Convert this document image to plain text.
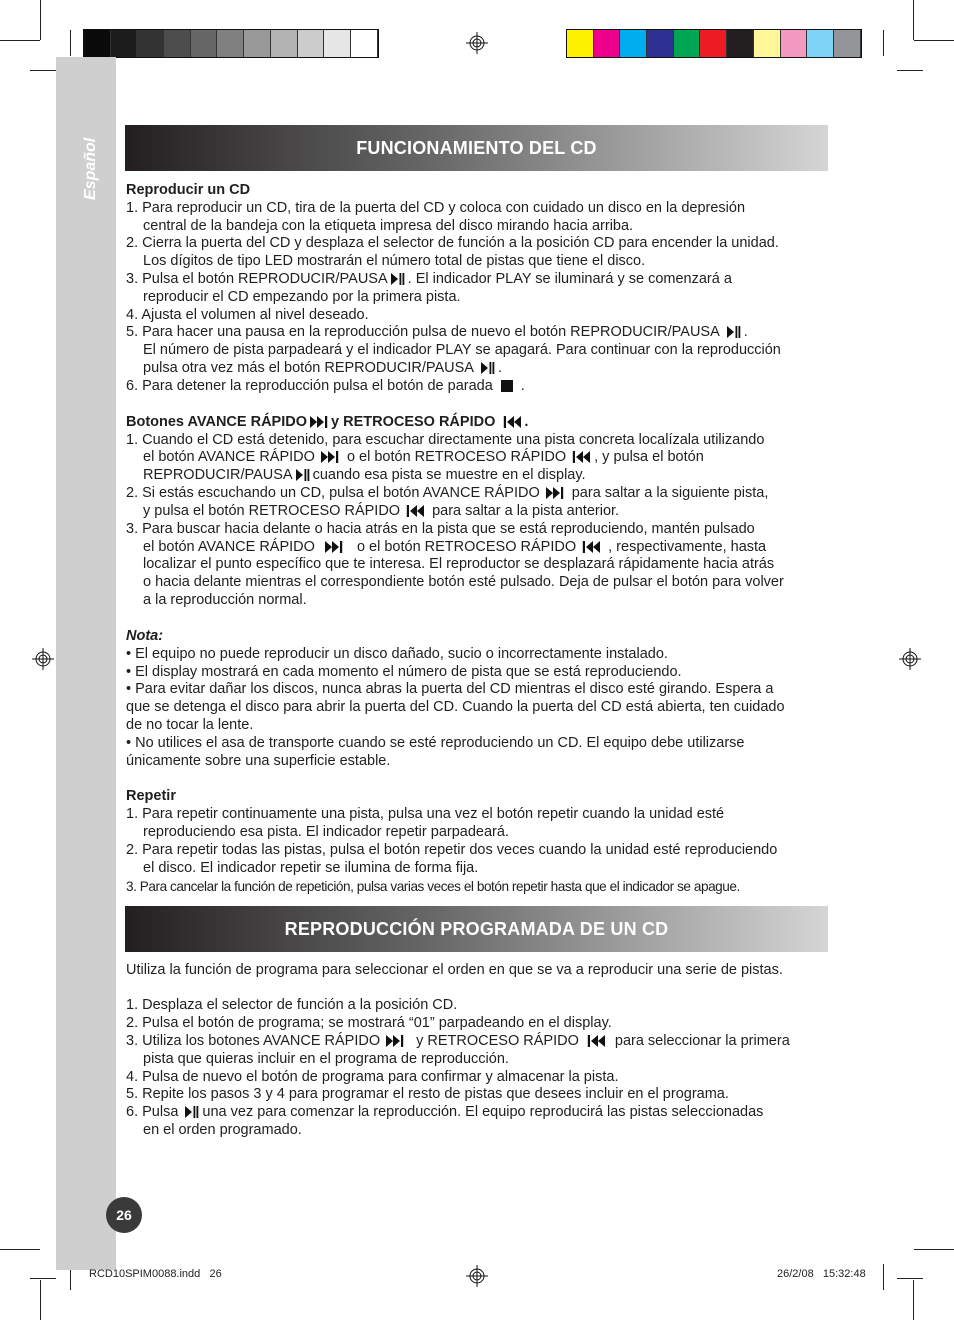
Español	FUNCIONAMIENTO DEL CD
Reproducir un CD
1. Para reproducir un CD, tira de la puerta del CD y coloca con cuidado un disco en la depresión
central de la bandeja con la etiqueta impresa del disco mirando hacia arriba.
2. Cierra la puerta del CD y desplaza el selector de función a la posición CD para encender la unidad.
Los dígitos de tipo LED mostrarán el número total de pistas que tiene el disco.
3. Pulsa el botón REPRODUCIR/PAUSA . El indicador PLAY se iluminará y se comenzará a
reproducir el CD empezando por la primera pista.
4. Ajusta el volumen al nivel deseado.
5. Para hacer una pausa en la reproducción pulsa de nuevo el botón REPRODUCIR/PAUSA .
El número de pista parpadeará y el indicador PLAY se apagará. Para continuar con la reproducción
pulsa otra vez más el botón REPRODUCIR/PAUSA .
6. Para detener la reproducción pulsa el botón de parada .
Botones AVANCE RÁPIDO y RETROCESO RÁPIDO .
1. Cuando el CD está detenido, para escuchar directamente una pista concreta localízala utilizando
el botón AVANCE RÁPIDO o el botón RETROCESO RÁPIDO , y pulsa el botón
REPRODUCIR/PAUSA cuando esa pista se muestre en el display.
2. Si estás escuchando un CD, pulsa el botón AVANCE RÁPIDO para saltar a la siguiente pista,
y pulsa el botón RETROCESO RÁPIDO para saltar a la pista anterior.
3. Para buscar hacia delante o hacia atrás en la pista que se está reproduciendo, mantén pulsado
el botón AVANCE RÁPIDO	o el botón RETROCESO RÁPIDO , respectivamente, hasta
localizar el punto específico que te interesa. El reproductor se desplazará rápidamente hacia atrás
o hacia delante mientras el correspondiente botón esté pulsado. Deja de pulsar el botón para volver
a la reproducción normal.
Nota:
• El equipo no puede reproducir un disco dañado, sucio o incorrectamente instalado.
• El display mostrará en cada momento el número de pista que se está reproduciendo.
• Para evitar dañar los discos, nunca abras la puerta del CD mientras el disco esté girando. Espera a
que se detenga el disco para abrir la puerta del CD. Cuando la puerta del CD está abierta, ten cuidado
de no tocar la lente.
• No utilices el asa de transporte cuando se esté reproduciendo un CD. El equipo debe utilizarse
únicamente sobre una superficie estable.
Repetir
1. Para repetir continuamente una pista, pulsa una vez el botón repetir cuando la unidad esté
reproduciendo esa pista. El indicador repetir parpadeará.
2. Para repetir todas las pistas, pulsa el botón repetir dos veces cuando la unidad esté reproduciendo
el disco. El indicador repetir se ilumina de forma fija.
3. Para cancelar la función de repetición, pulsa varias veces el botón repetir hasta que el indicador se apague.
REPRODUCCIÓN PROGRAMADA DE UN CD
Utiliza la función de programa para seleccionar el orden en que se va a reproducir una serie de pistas.
1. Desplaza el selector de función a la posición CD.
2. Pulsa el botón de programa; se mostrará “01” parpadeando en el display.
3. Utiliza los botones AVANCE RÁPIDO y RETROCESO RÁPIDO para seleccionar la primera
pista que quieras incluir en el programa de reproducción.
4. Pulsa de nuevo el botón de programa para confirmar y almacenar la pista.
5. Repite los pasos 3 y 4 para programar el resto de pistas que desees incluir en el programa.
6. Pulsa una vez para comenzar la reproducción. El equipo reproducirá las pistas seleccionadas
en el orden programado.
26
RCD10SPIM0088.indd   26	26/2/08   15:32:48
